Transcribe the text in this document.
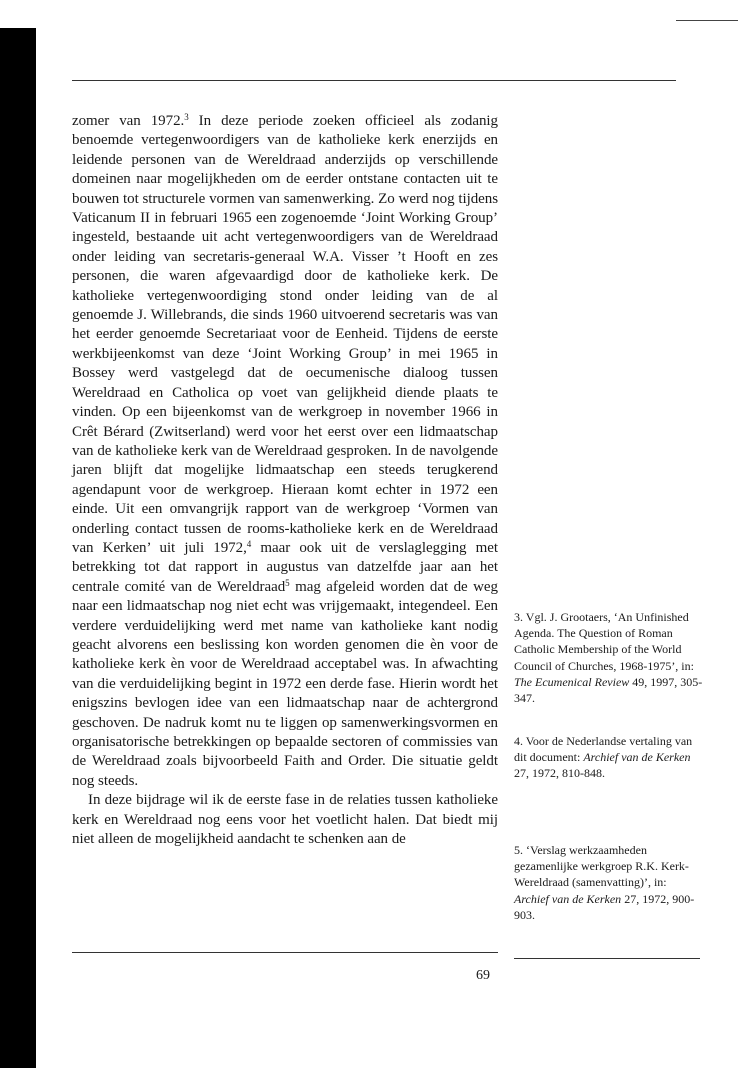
zomer van 1972.$^3$ In deze periode zoeken officieel als zodanig benoemde vertegenwoordigers van de katholieke kerk enerzijds en leidende personen van de Wereldraad anderzijds op verschillende domeinen naar mogelijkheden om de eerder ontstane contacten uit te bouwen tot structurele vormen van samenwerking. Zo werd nog tijdens Vaticanum II in februari 1965 een zogenoemde ‘Joint Working Group’ ingesteld, bestaande uit acht vertegenwoordigers van de Wereldraad onder leiding van secretaris-generaal W.A. Visser ’t Hooft en zes personen, die waren afgevaardigd door de katholieke kerk. De katholieke vertegenwoordiging stond onder leiding van de al genoemde J. Willebrands, die sinds 1960 uitvoerend secretaris was van het eerder genoemde Secretariaat voor de Eenheid. Tijdens de eerste werkbijeenkomst van deze ‘Joint Working Group’ in mei 1965 in Bossey werd vastgelegd dat de oecumenische dialoog tussen Wereldraad en Catholica op voet van gelijkheid diende plaats te vinden. Op een bijeenkomst van de werkgroep in november 1966 in Crêt Bérard (Zwitserland) werd voor het eerst over een lidmaatschap van de katholieke kerk van de Wereldraad gesproken. In de navolgende jaren blijft dat mogelijke lidmaatschap een steeds terugkerend agendapunt voor de werkgroep. Hieraan komt echter in 1972 een einde. Uit een omvangrijk rapport van de werkgroep ‘Vormen van onderling contact tussen de rooms-katholieke kerk en de Wereldraad van Kerken’ uit juli 1972,$^4$ maar ook uit de verslaglegging met betrekking tot dat rapport in augustus van datzelfde jaar aan het centrale comité van de Wereldraad$^5$ mag afgeleid worden dat de weg naar een lidmaatschap nog niet echt was vrijgemaakt, integendeel. Een verdere verduidelijking werd met name van katholieke kant nodig geacht alvorens een beslissing kon worden genomen die èn voor de katholieke kerk èn voor de Wereldraad acceptabel was. In afwachting van die verduidelijking begint in 1972 een derde fase. Hierin wordt het enigszins bevlogen idee van een lidmaatschap naar de achtergrond geschoven. De nadruk komt nu te liggen op samenwerkingsvormen en organisatorische betrekkingen op bepaalde sectoren of commissies van de Wereldraad zoals bijvoorbeeld Faith and Order. Die situatie geldt nog steeds.

In deze bijdrage wil ik de eerste fase in de relaties tussen katholieke kerk en Wereldraad nog eens voor het voetlicht halen. Dat biedt mij niet alleen de mogelijkheid aandacht te schenken aan de

3. Vgl. J. Grootaers, ‘An Unfinished Agenda. The Question of Roman Catholic Membership of the World Council of Churches, 1968-1975’, in: The Ecumenical Review 49, 1997, 305-347.

4. Voor de Nederlandse vertaling van dit document: Archief van de Kerken 27, 1972, 810-848.

5. ‘Verslag werkzaamheden gezamenlijke werkgroep R.K. Kerk-Wereldraad (samenvatting)’, in: Archief van de Kerken 27, 1972, 900-903.

69
